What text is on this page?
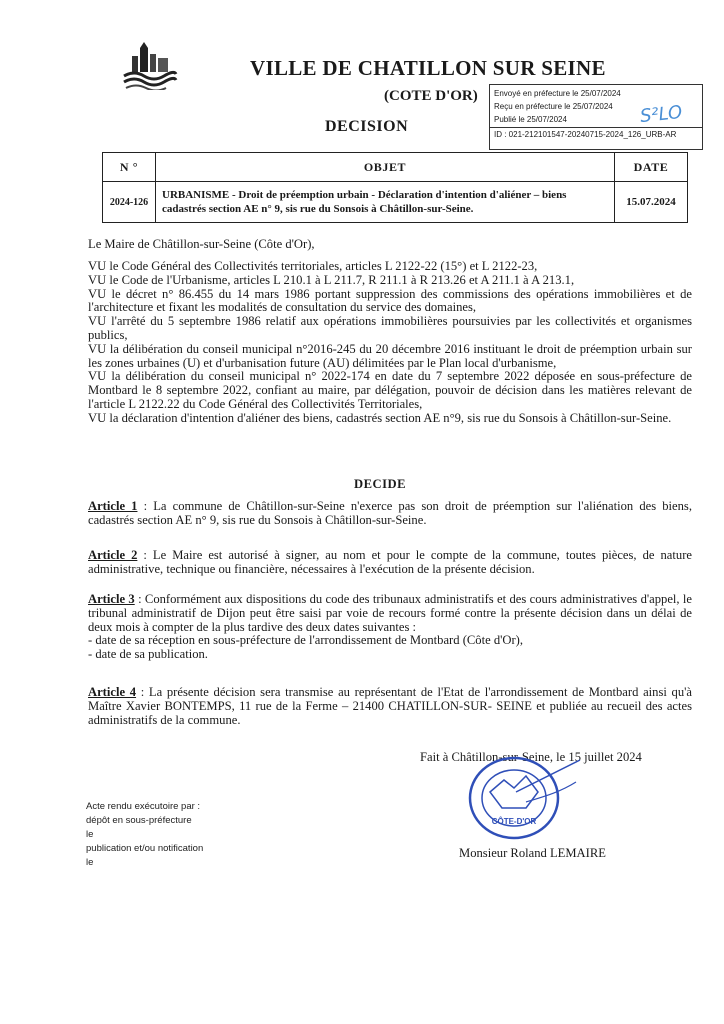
VILLE DE CHATILLON SUR SEINE
(COTE D'OR)
DECISION
Envoyé en préfecture le 25/07/2024
Reçu en préfecture le 25/07/2024
Publié le 25/07/2024
ID : 021-212101547-20240715-2024_126_URB-AR
S²LO
N °	OBJET	DATE
2024-126	URBANISME - Droit de préemption urbain - Déclaration d'intention d'aliéner – biens cadastrés section AE n° 9, sis rue du Sonsois à Châtillon-sur-Seine.	15.07.2024
Le Maire de Châtillon-sur-Seine (Côte d'Or),

VU le Code Général des Collectivités territoriales, articles L 2122-22 (15°) et L 2122-23,

VU le Code de l'Urbanisme, articles L 210.1 à L 211.7, R 211.1 à R 213.26 et A 211.1 à A 213.1,

VU le décret n° 86.455 du 14 mars 1986 portant suppression des commissions des opérations immobilières et de l'architecture et fixant les modalités de consultation du service des domaines,

VU l'arrêté du 5 septembre 1986 relatif aux opérations immobilières poursuivies par les collectivités et organismes publics,

VU la délibération du conseil municipal n°2016-245 du 20 décembre 2016 instituant le droit de préemption urbain sur les zones urbaines (U) et d'urbanisation future (AU) délimitées par le Plan local d'urbanisme,

VU la délibération du conseil municipal n° 2022-174 en date du 7 septembre 2022 déposée en sous-préfecture de Montbard le 8 septembre 2022, confiant au maire, par délégation, pouvoir de décision dans les matières relevant de l'article L 2122.22 du Code Général des Collectivités Territoriales,

VU la déclaration d'intention d'aliéner des biens, cadastrés section AE n°9, sis rue du Sonsois à Châtillon-sur-Seine.

DECIDE

Article 1 : La commune de Châtillon-sur-Seine n'exerce pas son droit de préemption sur l'aliénation des biens, cadastrés section AE n° 9, sis rue du Sonsois à Châtillon-sur-Seine.

Article 2 : Le Maire est autorisé à signer, au nom et pour le compte de la commune, toutes pièces, de nature administrative, technique ou financière, nécessaires à l'exécution de la présente décision.

Article 3 : Conformément aux dispositions du code des tribunaux administratifs et des cours administratives d'appel, le tribunal administratif de Dijon peut être saisi par voie de recours formé contre la présente décision dans un délai de deux mois à compter de la plus tardive des deux dates suivantes :

- date de sa réception en sous-préfecture de l'arrondissement de Montbard (Côte d'Or),

- date de sa publication.

Article 4 : La présente décision sera transmise au représentant de l'Etat de l'arrondissement de Montbard ainsi qu'à Maître Xavier BONTEMPS, 11 rue de la Ferme – 21400 CHATILLON-SUR- SEINE et publiée au recueil des actes administratifs de la commune.

Fait à Châtillon-sur-Seine, le 15 juillet 2024
CÔTE-D'OR
Monsieur Roland LEMAIRE
Acte rendu exécutoire par :
dépôt en sous-préfecture
le
publication et/ou notification
le
